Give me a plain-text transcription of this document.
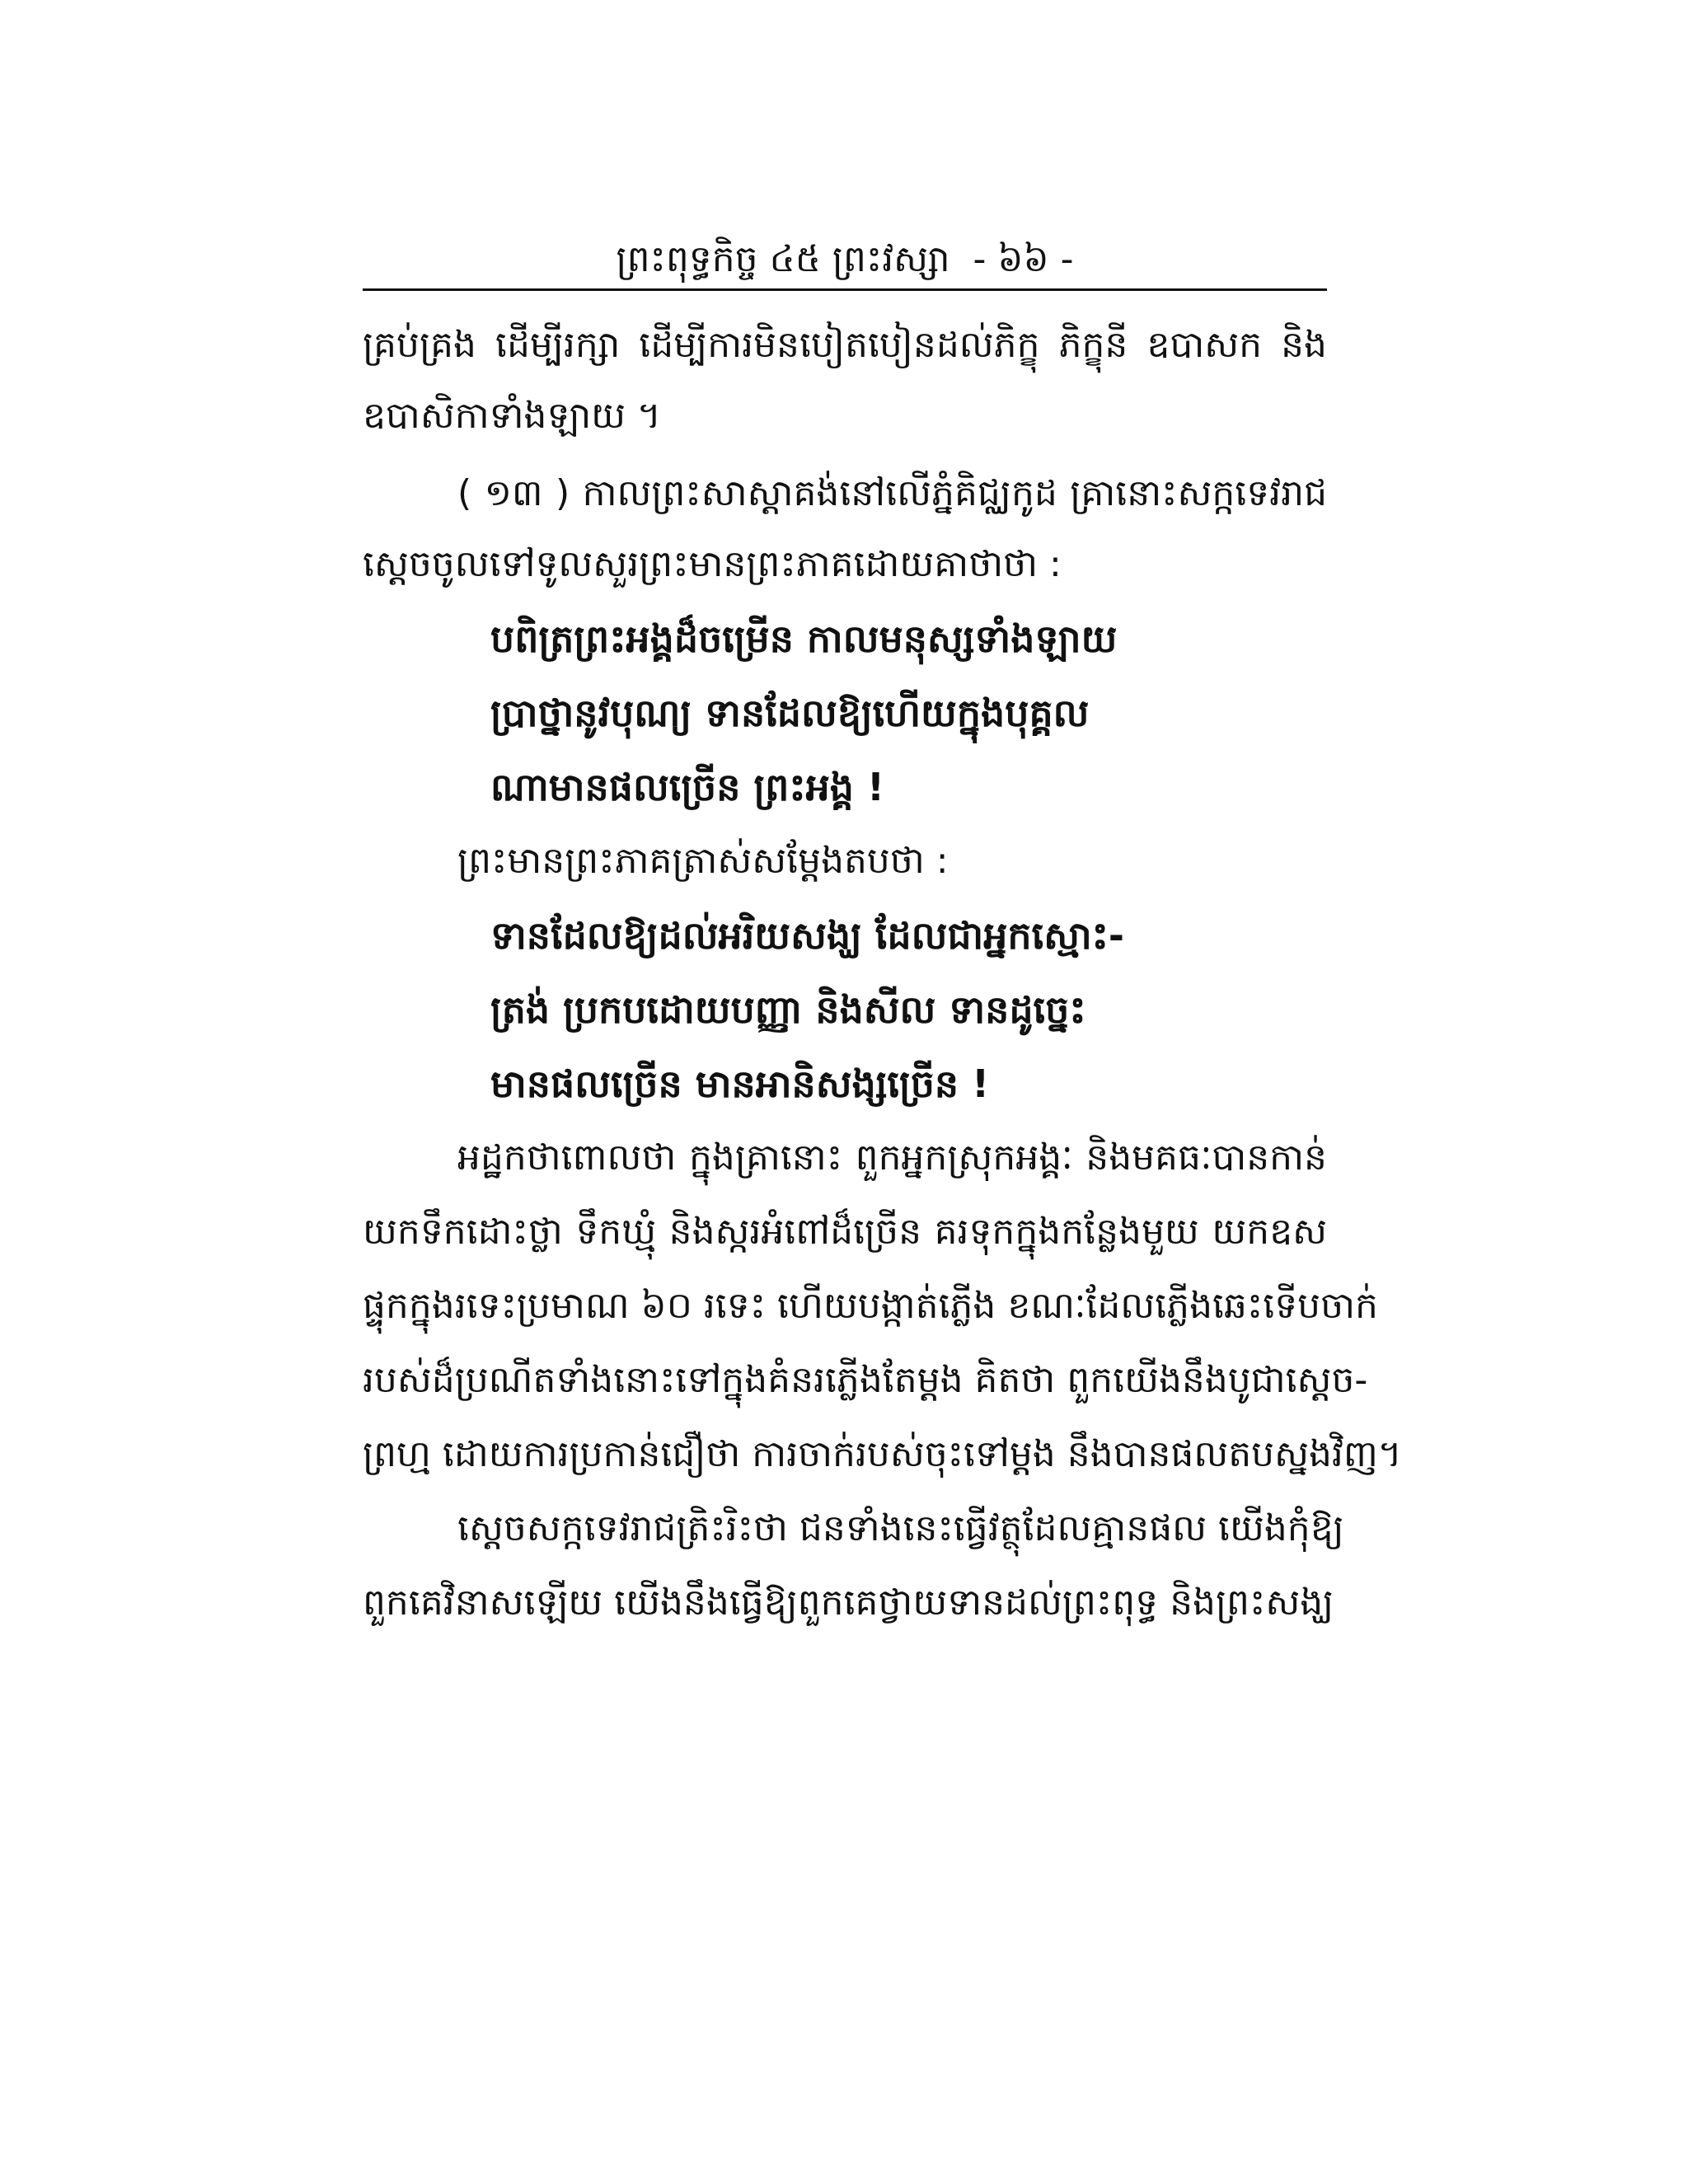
ព្រះពុទ្ធកិច្ច ៤៥ ព្រះវស្សា - ៦៦ -
គ្រប់គ្រង ដើម្បីរក្សា ដើម្បីការមិនបៀតបៀនដល់ភិក្ខុ ភិក្ខុនី ឧបាសក និង
ឧបាសិកាទាំងឡាយ ។
( ១៣ ) កាលព្រះសាស្តាគង់នៅលើភ្នំគិជ្ឈកូដ គ្រានោះសក្កទេវរាជ
ស្ដេចចូលទៅទូលសួរព្រះមានព្រះភាគដោយគាថាថា :
បពិត្រព្រះអង្គដ៏ចម្រើន កាលមនុស្សទាំងឡាយ
ប្រាថ្នានូវបុណ្យ ទានដែលឱ្យហើយក្នុងបុគ្គល
ណាមានផលច្រើន ព្រះអង្គ !
ព្រះមានព្រះភាគត្រាស់សម្ដែងតបថា :
ទានដែលឱ្យដល់អរិយសង្ឃ ដែលជាអ្នកស្មោះ-
ត្រង់ ប្រកបដោយបញ្ញា និងសីល ទានដូច្នេះ
មានផលច្រើន មានអានិសង្សច្រើន !
អដ្ឋកថាពោលថា ក្នុងគ្រានោះ ពួកអ្នកស្រុកអង្គៈ និងមគធៈបានកាន់
យកទឹកដោះថ្លា ទឹកឃ្មុំ និងស្ករអំពៅដ៏ច្រើន គរទុកក្នុងកន្លែងមួយ យកឧស
ផ្ទុកក្នុងរទេះប្រមាណ ៦០ រទេះ ហើយបង្កាត់ភ្លើង ខណៈដែលភ្លើងឆេះទើបចាក់
របស់ដ៏ប្រណីតទាំងនោះទៅក្នុងគំនរភ្លើងតែម្ដង គិតថា ពួកយើងនឹងបូជាស្ដេច-
ព្រហ្ម ដោយការប្រកាន់ជឿថា ការចាក់របស់ចុះទៅម្ដង នឹងបានផលតបស្នងវិញ។
ស្ដេចសក្កទេវរាជត្រិះរិះថា ជនទាំងនេះធ្វើវត្ថុដែលគ្មានផល យើងកុំឱ្យ
ពួកគេវិនាសឡើយ យើងនឹងធ្វើឱ្យពួកគេថ្វាយទានដល់ព្រះពុទ្ធ និងព្រះសង្ឃ
